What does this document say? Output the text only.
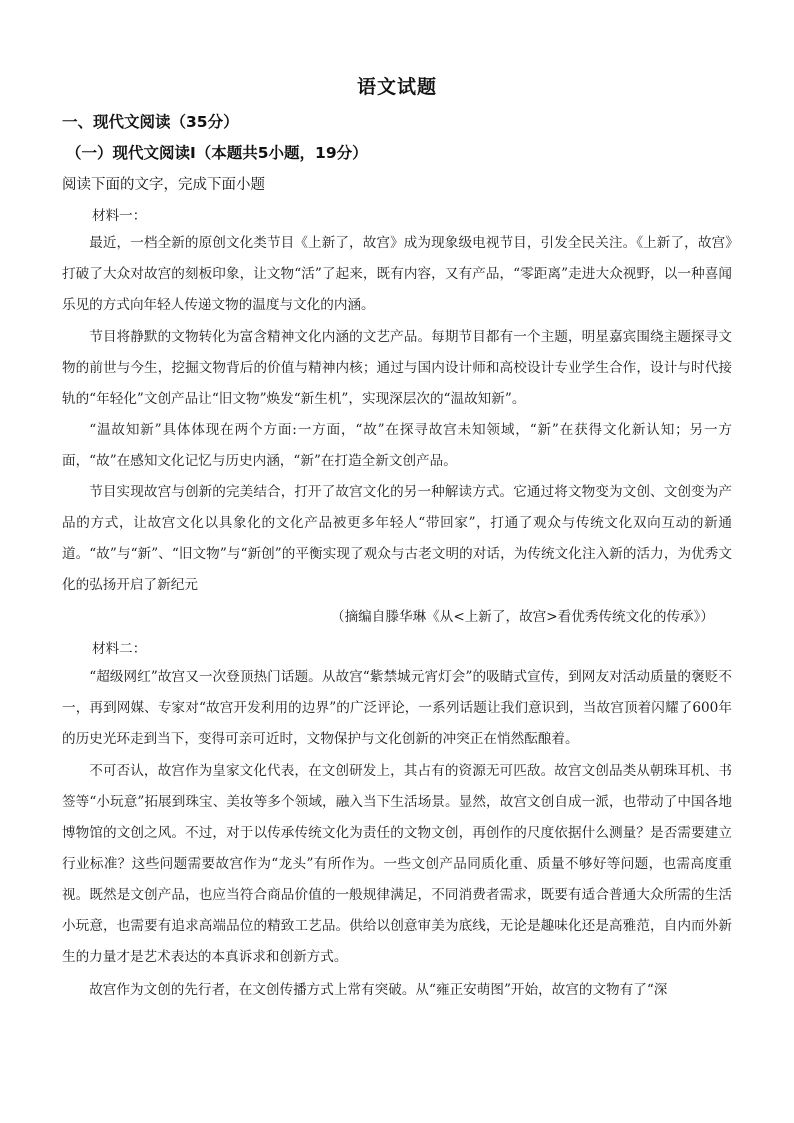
语文试题
一、现代文阅读（35分）
（一）现代文阅读Ⅰ（本题共5小题，19分）
阅读下面的文字，完成下面小题
材料一：

最近，一档全新的原创文化类节目《上新了，故宫》成为现象级电视节目，引发全民关注。《上新了，故宫》打破了大众对故宫的刻板印象，让文物“活”了起来，既有内容，又有产品，“零距离”走进大众视野，以一种喜闻乐见的方式向年轻人传递文物的温度与文化的内涵。

节目将静默的文物转化为富含精神文化内涵的文艺产品。每期节目都有一个主题，明星嘉宾围绕主题探寻文物的前世与今生，挖掘文物背后的价值与精神内核；通过与国内设计师和高校设计专业学生合作，设计与时代接轨的“年轻化”文创产品让“旧文物”焕发“新生机”，实现深层次的“温故知新”。

“温故知新”具体体现在两个方面:一方面，“故”在探寻故宫未知领域，“新”在获得文化新认知；另一方面，“故”在感知文化记忆与历史内涵，“新”在打造全新文创产品。

节目实现故宫与创新的完美结合，打开了故宫文化的另一种解读方式。它通过将文物变为文创、文创变为产品的方式，让故宫文化以具象化的文化产品被更多年轻人“带回家”，打通了观众与传统文化双向互动的新通道。“故”与“新”、“旧文物”与“新创”的平衡实现了观众与古老文明的对话，为传统文化注入新的活力，为优秀文化的弘扬开启了新纪元

（摘编自滕华琳《从<上新了，故宫>看优秀传统文化的传承》）
材料二：

“超级网红”故宫又一次登顶热门话题。从故宫“紫禁城元宵灯会”的吸睛式宣传，到网友对活动质量的褒贬不一，再到网媒、专家对“故宫开发利用的边界”的广泛评论，一系列话题让我们意识到，当故宫顶着闪耀了600年的历史光环走到当下，变得可亲可近时，文物保护与文化创新的冲突正在悄然酝酿着。

不可否认，故宫作为皇家文化代表，在文创研发上，其占有的资源无可匹敌。故宫文创品类从朝珠耳机、书签等“小玩意”拓展到珠宝、美妆等多个领域，融入当下生活场景。显然，故宫文创自成一派，也带动了中国各地博物馆的文创之风。不过，对于以传承传统文化为责任的文物文创，再创作的尺度依据什么测量？是否需要建立行业标准？这些问题需要故宫作为“龙头”有所作为。一些文创产品同质化重、质量不够好等问题，也需高度重视。既然是文创产品，也应当符合商品价值的一般规律满足，不同消费者需求，既要有适合普通大众所需的生活小玩意，也需要有追求高端品位的精致工艺品。供给以创意审美为底线，无论是趣味化还是高雅范，自内而外新生的力量才是艺术表达的本真诉求和创新方式。

故宫作为文创的先行者，在文创传播方式上常有突破。从“雍正安萌图”开始，故宫的文物有了“深
